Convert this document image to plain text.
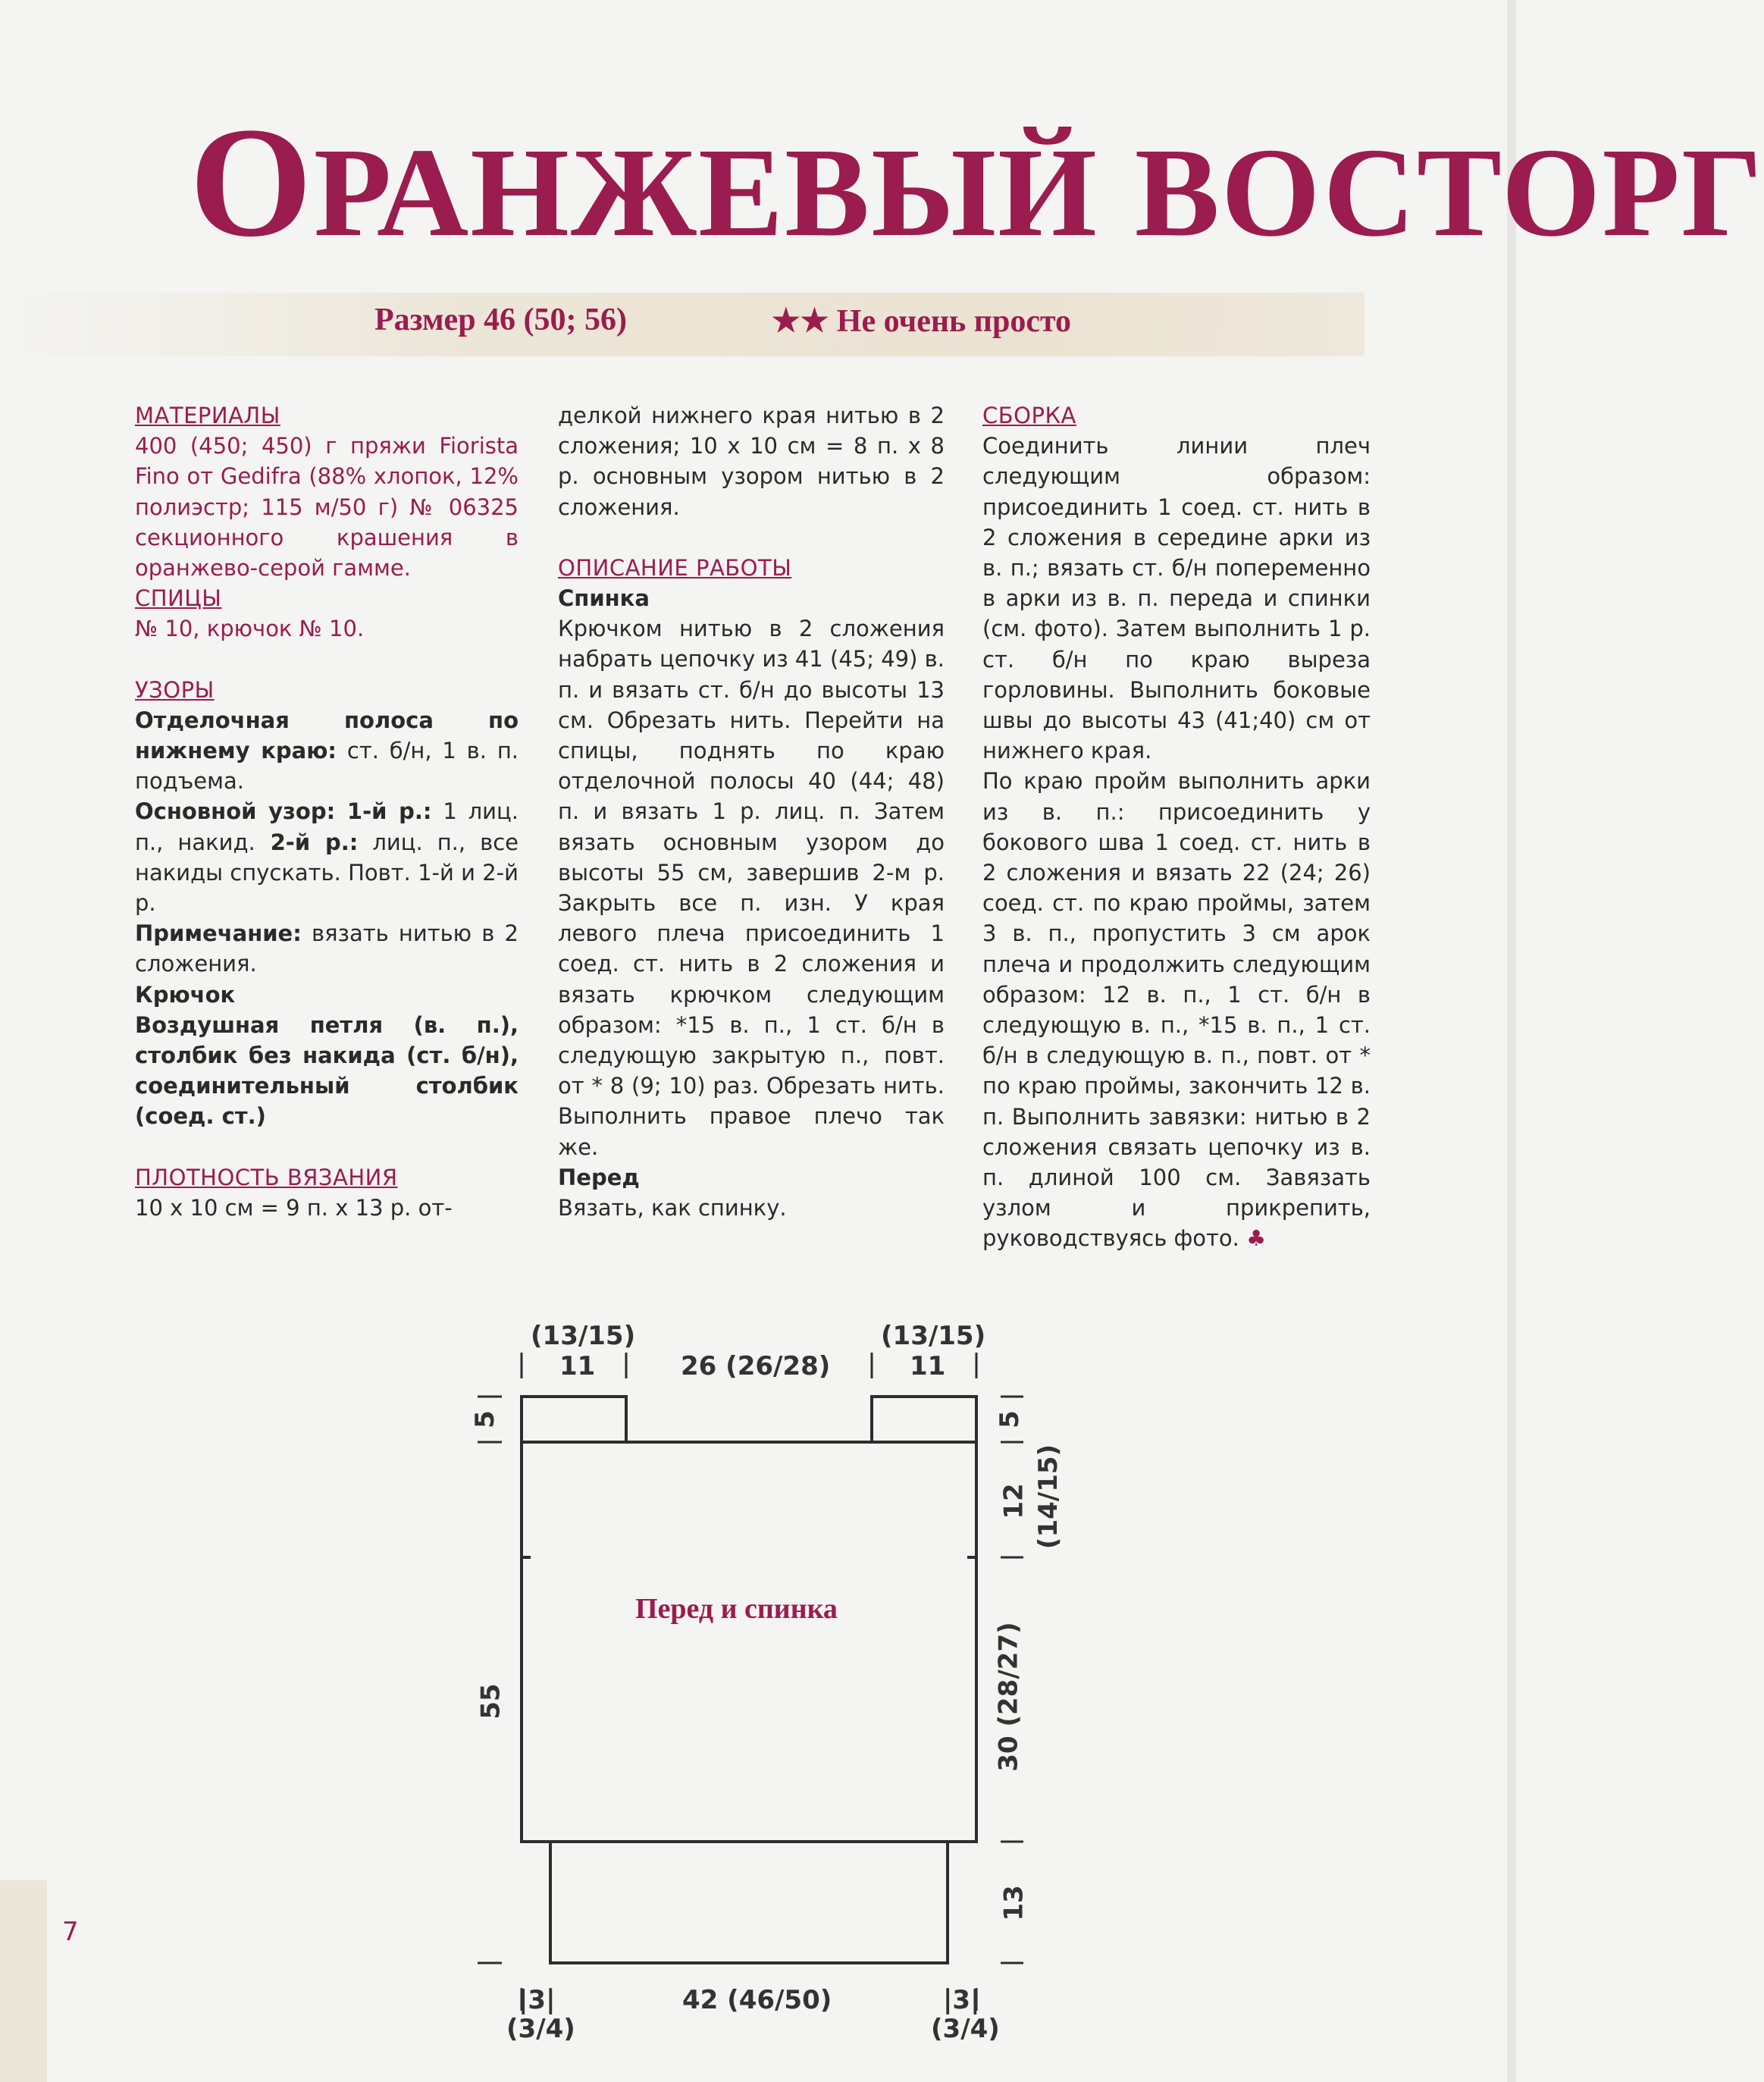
ОРАНЖЕВЫЙ ВОСТОРГ
Размер 46 (50; 56)	★★ Не очень просто

МАТЕРИАЛЫ

400 (450; 450) г пряжи Fiorista Fino от Gedifra (88% хлопок, 12% полиэстр; 115 м/50 г) № 06325 секционного крашения в оранжево-серой гамме.

СПИЦЫ

№ 10, крючок № 10.

УЗОРЫ

Отделочная полоса по нижнему краю: ст. б/н, 1 в. п. подъема.

Основной узор: 1-й р.: 1 лиц. п., накид. 2-й р.: лиц. п., все накиды спускать. Повт. 1-й и 2-й р.

Примечание: вязать нитью в 2 сложения.

Крючок

Воздушная петля (в. п.), столбик без накида (ст. б/н), соединительный столбик (соед. ст.)

ПЛОТНОСТЬ ВЯЗАНИЯ

10 х 10 см = 9 п. х 13 р. от-

делкой нижнего края нитью в 2 сложения; 10 х 10 см = 8 п. х 8 р. основным узором нитью в 2 сложения.

ОПИСАНИЕ РАБОТЫ

Спинка

Крючком нитью в 2 сложения набрать цепочку из 41 (45; 49) в. п. и вязать ст. б/н до высоты 13 см. Обрезать нить. Перейти на спицы, поднять по краю отделочной полосы 40 (44; 48) п. и вязать 1 р. лиц. п. Затем вязать основным узором до высоты 55 см, завершив 2-м р. Закрыть все п. изн. У края левого плеча присоединить 1 соед. ст. нить в 2 сложения и вязать крючком следующим образом: *15 в. п., 1 ст. б/н в следующую закрытую п., повт. от * 8 (9; 10) раз. Обрезать нить. Выполнить правое плечо так же.

Перед

Вязать, как спинку.

СБОРКА

Соединить линии плеч следующим образом: присоединить 1 соед. ст. нить в 2 сложения в середине арки из в. п.; вязать ст. б/н попеременно в арки из в. п. переда и спинки (см. фото). Затем выполнить 1 р. ст. б/н по краю выреза горловины. Выполнить боковые швы до высоты 43 (41;40) см от нижнего края.

По краю пройм выполнить арки из в. п.: присоединить у бокового шва 1 соед. ст. нить в 2 сложения и вязать 22 (24; 26) соед. ст. по краю проймы, затем 3 в. п., пропустить 3 см арок плеча и продолжить следующим образом: 12 в. п., 1 ст. б/н в следующую в. п., *15 в. п., 1 ст. б/н в следующую в. п., повт. от * по краю проймы, закончить 12 в. п. Выполнить завязки: нитью в 2 сложения связать цепочку из в. п. длиной 100 см. Завязать узлом и прикрепить, руководствуясь фото. ♣

(13/15)
11	26 (26/28)
(13/15)
11
5
55
5
12 (14/15)
30 (28/27)
13
|3|
(3/4)
42 (46/50)	|3|
(3/4)
Перед и спинка
7
